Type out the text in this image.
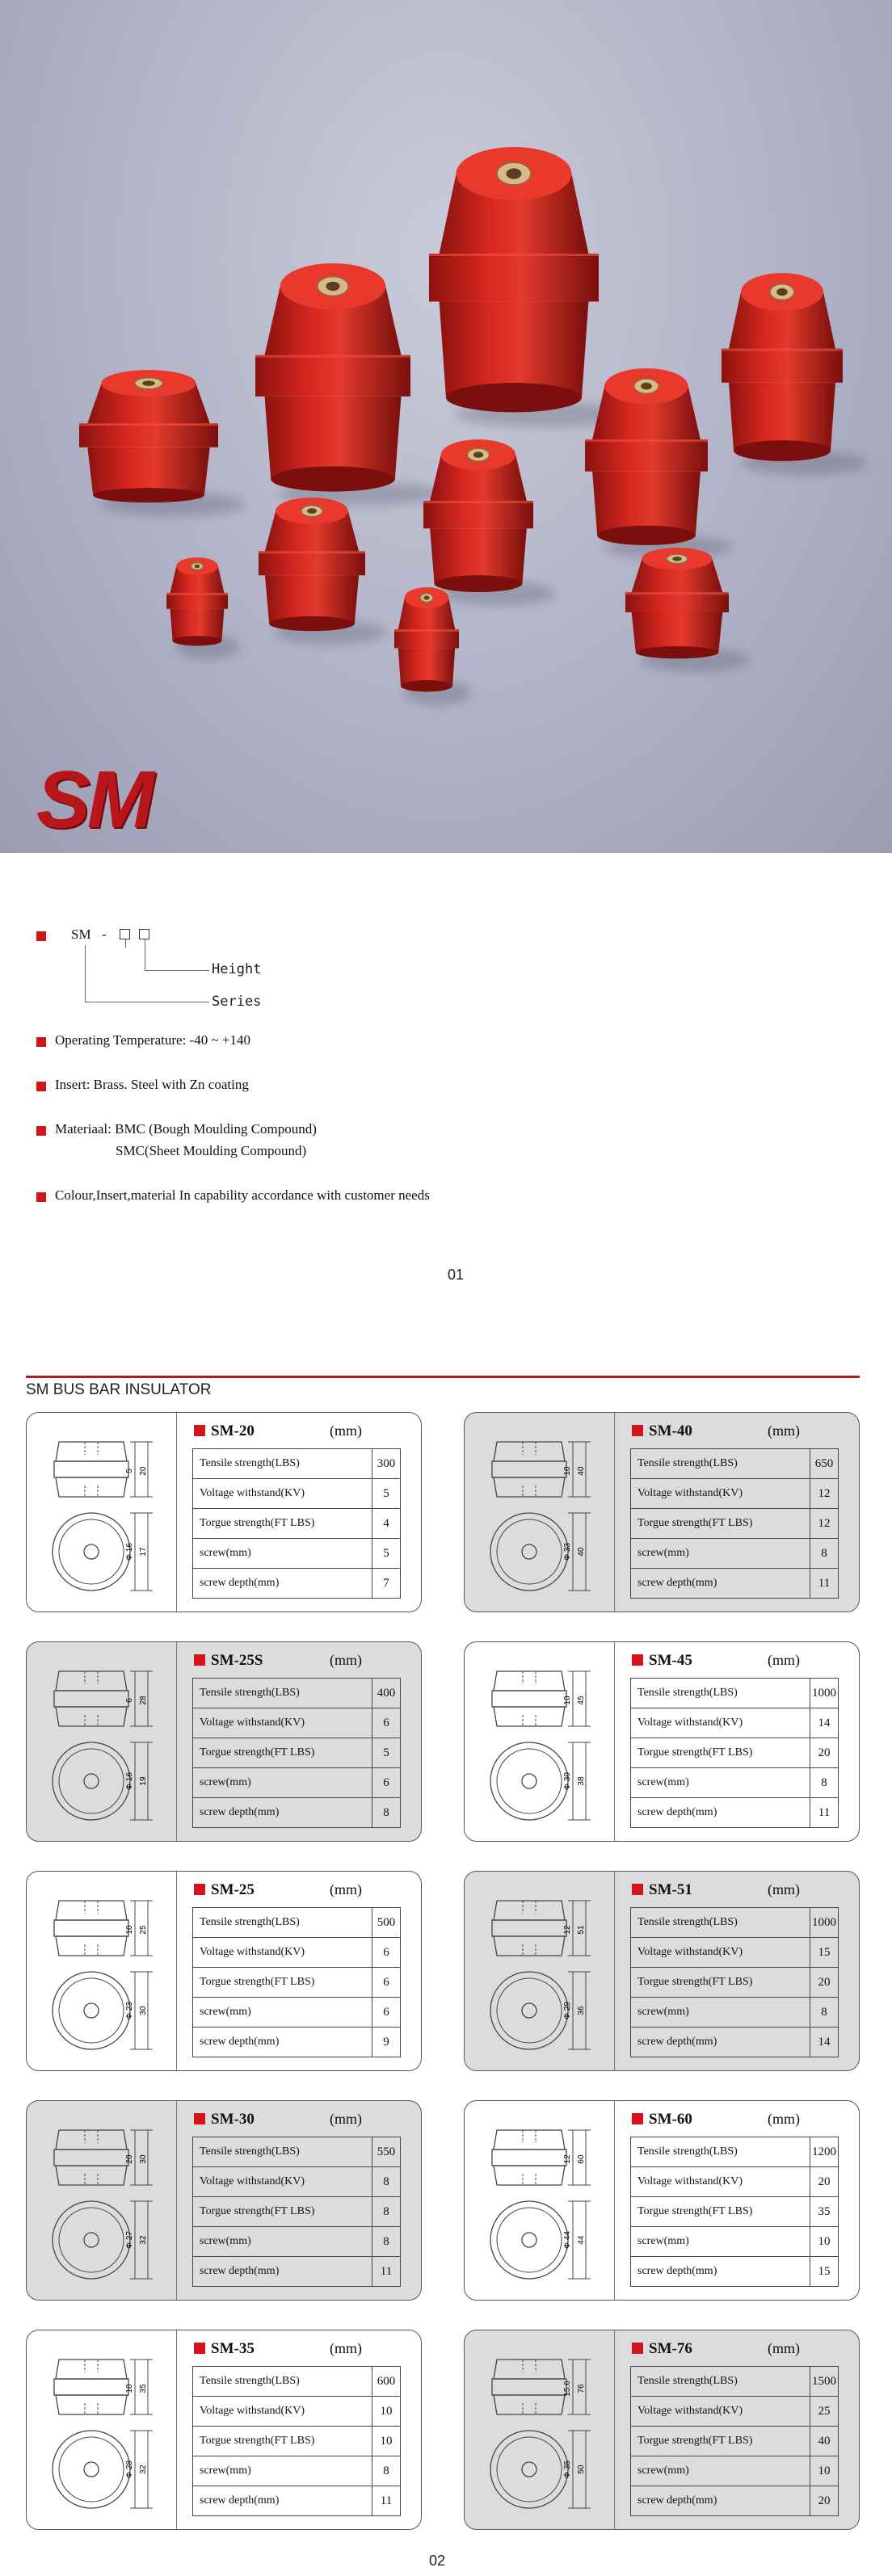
SM
SM -
Height
Series
Operating Temperature: -40 ~ +140
Insert: Brass. Steel with Zn coating
Materiaal: BMC (Bough Moulding Compound)
SMC(Sheet Moulding Compound)
Colour,Insert,material In capability accordance with customer needs
01
SM BUS BAR INSULATOR
5 20
Φ 16 17
SM-20	(mm)
Tensile strength(LBS)	300
Voltage withstand(KV)	5
Torgue strength(FT LBS)	4
screw(mm)	5
screw depth(mm)	7
10 40
Φ 33 40
SM-40	(mm)
Tensile strength(LBS)	650
Voltage withstand(KV)	12
Torgue strength(FT LBS)	12
screw(mm)	8
screw depth(mm)	11
6 28
Φ 16 19
SM-25S	(mm)
Tensile strength(LBS)	400
Voltage withstand(KV)	6
Torgue strength(FT LBS)	5
screw(mm)	6
screw depth(mm)	8
10 45
Φ 30 38
SM-45	(mm)
Tensile strength(LBS)	1000
Voltage withstand(KV)	14
Torgue strength(FT LBS)	20
screw(mm)	8
screw depth(mm)	11
10 25
Φ 23 30
SM-25	(mm)
Tensile strength(LBS)	500
Voltage withstand(KV)	6
Torgue strength(FT LBS)	6
screw(mm)	6
screw depth(mm)	9
12 51
Φ 29 36
SM-51	(mm)
Tensile strength(LBS)	1000
Voltage withstand(KV)	15
Torgue strength(FT LBS)	20
screw(mm)	8
screw depth(mm)	14
20 30
Φ 27 32
SM-30	(mm)
Tensile strength(LBS)	550
Voltage withstand(KV)	8
Torgue strength(FT LBS)	8
screw(mm)	8
screw depth(mm)	11
12 60
Φ 44 44
SM-60	(mm)
Tensile strength(LBS)	1200
Voltage withstand(KV)	20
Torgue strength(FT LBS)	35
screw(mm)	10
screw depth(mm)	15
10 35
Φ 28 32
SM-35	(mm)
Tensile strength(LBS)	600
Voltage withstand(KV)	10
Torgue strength(FT LBS)	10
screw(mm)	8
screw depth(mm)	11
15.6 76
Φ 35 50
SM-76	(mm)
Tensile strength(LBS)	1500
Voltage withstand(KV)	25
Torgue strength(FT LBS)	40
screw(mm)	10
screw depth(mm)	20
02
